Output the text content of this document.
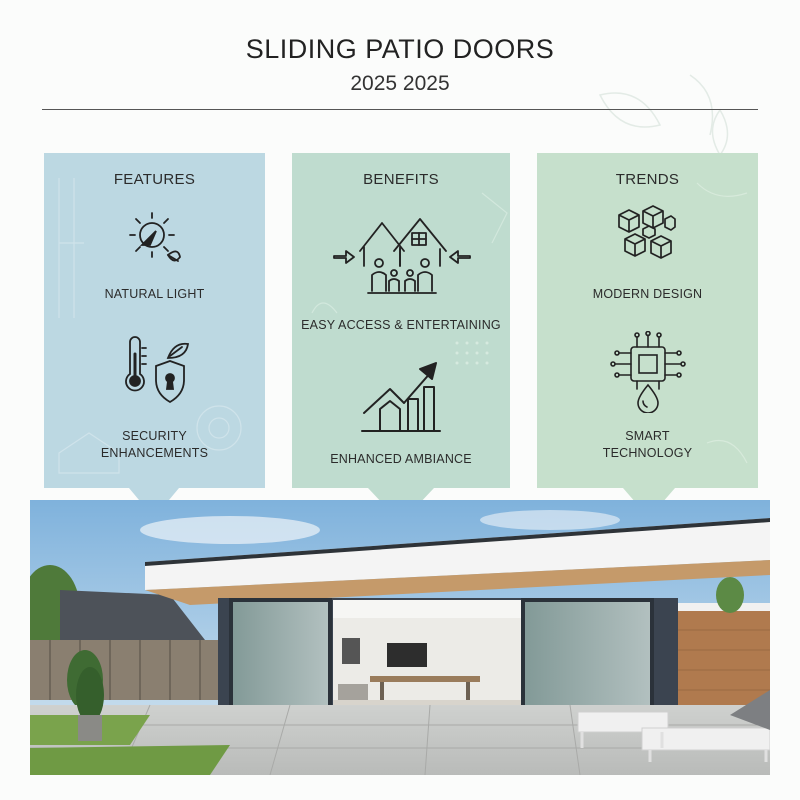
SLIDING PATIO DOORS
2025 2025
FEATURES
NATURAL LIGHT
SECURITY ENHANCEMENTS
BENEFITS
EASY ACCESS & ENTERTAINING
ENHANCED AMBIANCE
TRENDS
MODERN DESIGN
SMART TECHNOLOGY
